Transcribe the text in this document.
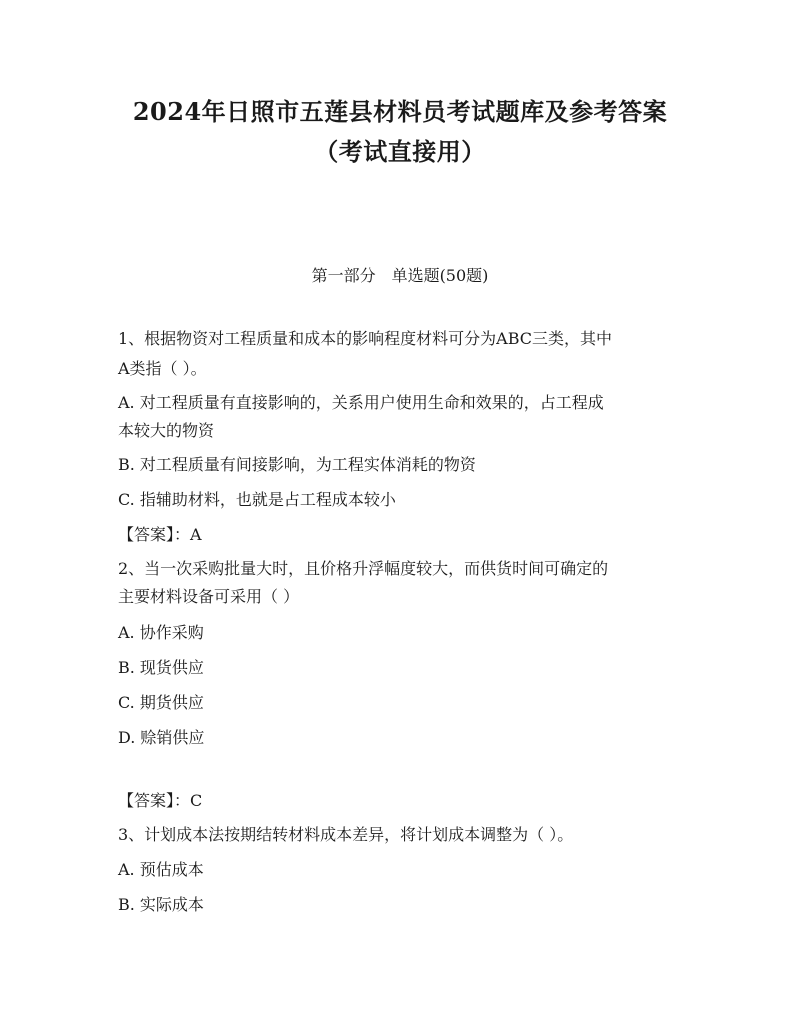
2024年日照市五莲县材料员考试题库及参考答案
（考试直接用）
第一部分　单选题(50题)
1、根据物资对工程质量和成本的影响程度材料可分为ABC三类，其中
A类指（ ）。
A. 对工程质量有直接影响的，关系用户使用生命和效果的，占工程成
本较大的物资
B. 对工程质量有间接影响，为工程实体消耗的物资
C. 指辅助材料，也就是占工程成本较小
【答案】：A
2、当一次采购批量大时，且价格升浮幅度较大，而供货时间可确定的
主要材料设备可采用（ ）
A. 协作采购
B. 现货供应
C. 期货供应
D. 赊销供应
【答案】：C
3、计划成本法按期结转材料成本差异，将计划成本调整为（ ）。
A. 预估成本
B. 实际成本
